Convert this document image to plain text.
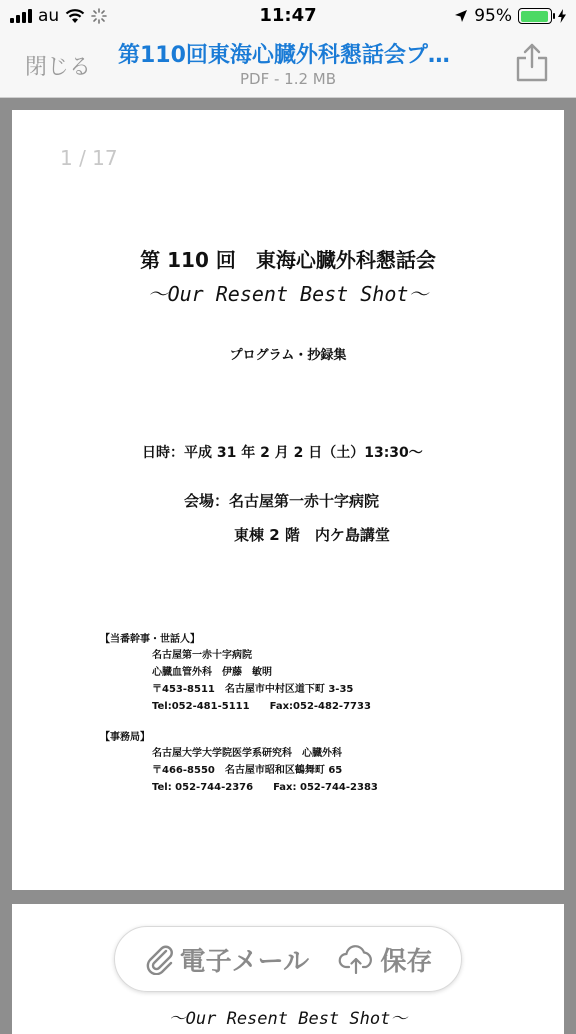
au	11:47	95%
閉じる 第110回東海心臓外科懇話会プ…
PDF - 1.2 MB
1 / 17
第 110 回　東海心臓外科懇話会
〜Our Resent Best Shot〜
プログラム・抄録集
日時：平成 31 年 2 月 2 日（土）13:30〜
会場：名古屋第一赤十字病院
東棟 2 階　内ケ島講堂
【当番幹事・世話人】
名古屋第一赤十字病院
心臓血管外科　伊藤　敏明
〒453-8511　名古屋市中村区道下町 3-35
Tel:052-481-5111　　Fax:052-482-7733
【事務局】
名古屋大学大学院医学系研究科　心臓外科
〒466-8550　名古屋市昭和区鶴舞町 65
Tel: 052-744-2376　　Fax: 052-744-2383
〜Our Resent Best Shot〜
電子メール	保存
